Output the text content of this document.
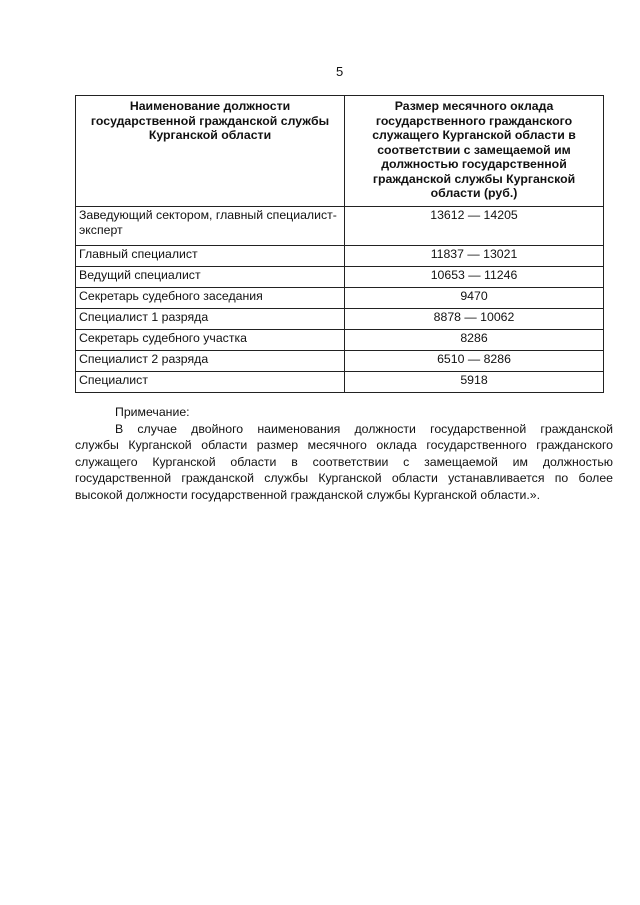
5
Наименование должности государственной гражданской службы Курганской области	Размер месячного оклада государственного гражданского служащего Курганской области в соответствии с замещаемой им должностью государственной гражданской службы Курганской области (руб.)
Заведующий сектором, главный специалист-эксперт	13612 — 14205
Главный специалист	11837 — 13021
Ведущий специалист	10653 — 11246
Секретарь судебного заседания	9470
Специалист 1 разряда	8878 — 10062
Секретарь судебного участка	8286
Специалист 2 разряда	6510 — 8286
Специалист	5918
Примечание:
В случае двойного наименования должности государственной гражданской
службы Курганской области размер месячного оклада государственного гражданского
служащего Курганской области в соответствии с замещаемой им должностью
государственной гражданской службы Курганской области устанавливается по более
высокой должности государственной гражданской службы Курганской области.».
